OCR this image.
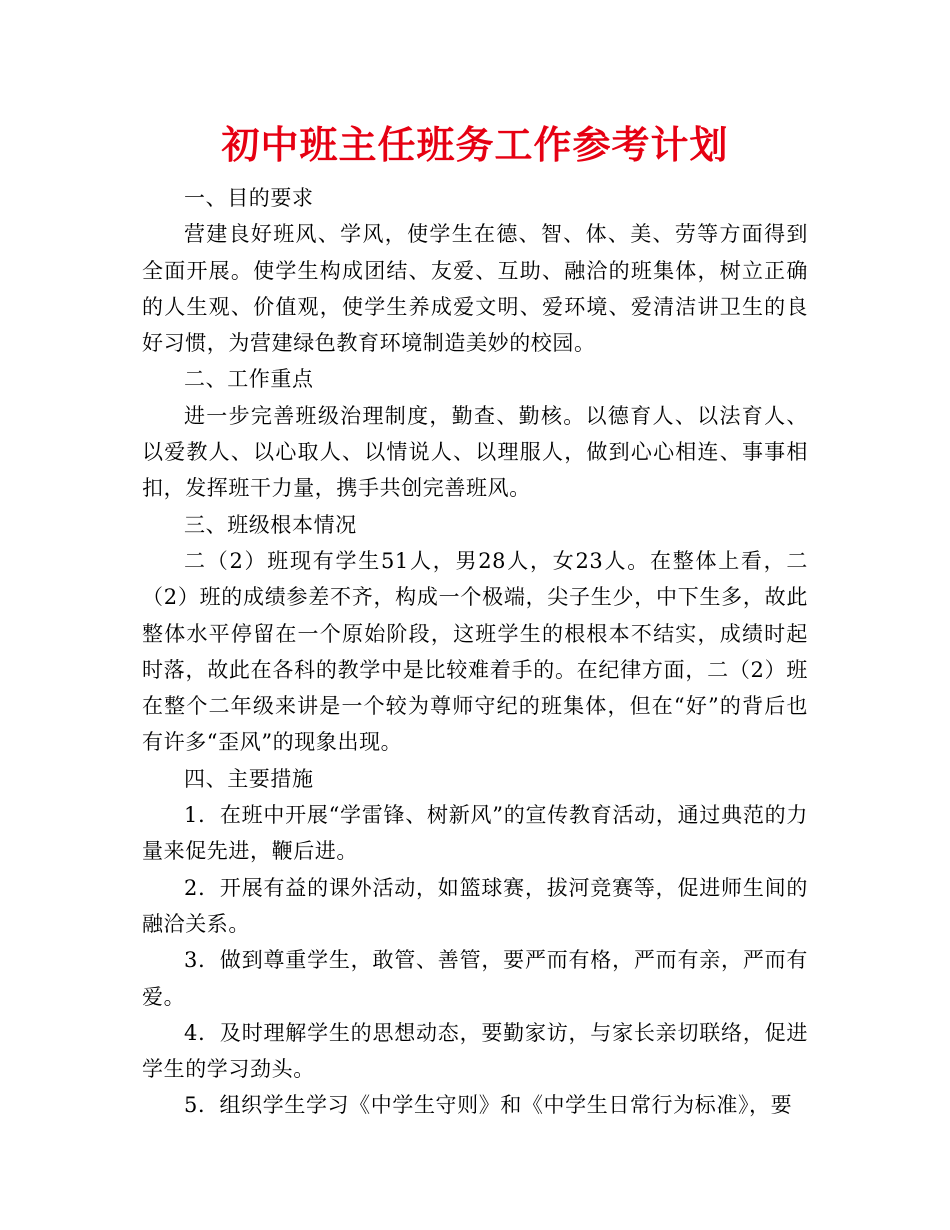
初中班主任班务工作参考计划

一、目的要求

营建良好班风、学风，使学生在德、智、体、美、劳等方面得到全面开展。使学生构成团结、友爱、互助、融洽的班集体，树立正确的人生观、价值观，使学生养成爱文明、爱环境、爱清洁讲卫生的良好习惯，为营建绿色教育环境制造美妙的校园。

二、工作重点

进一步完善班级治理制度，勤查、勤核。以德育人、以法育人、以爱教人、以心取人、以情说人、以理服人，做到心心相连、事事相扣，发挥班干力量，携手共创完善班风。

三、班级根本情况

二（2）班现有学生51人，男28人，女23人。在整体上看，二（2）班的成绩参差不齐，构成一个极端，尖子生少，中下生多，故此整体水平停留在一个原始阶段，这班学生的根根本不结实，成绩时起时落，故此在各科的教学中是比较难着手的。在纪律方面，二（2）班在整个二年级来讲是一个较为尊师守纪的班集体，但在“好”的背后也有许多“歪风”的现象出现。

四、主要措施

1．在班中开展“学雷锋、树新风”的宣传教育活动，通过典范的力量来促先进，鞭后进。

2．开展有益的课外活动，如篮球赛，拔河竞赛等，促进师生间的融洽关系。

3．做到尊重学生，敢管、善管，要严而有格，严而有亲，严而有爱。

4．及时理解学生的思想动态，要勤家访，与家长亲切联络，促进学生的学习劲头。

5．组织学生学习《中学生守则》和《中学生日常行为标准》，要
